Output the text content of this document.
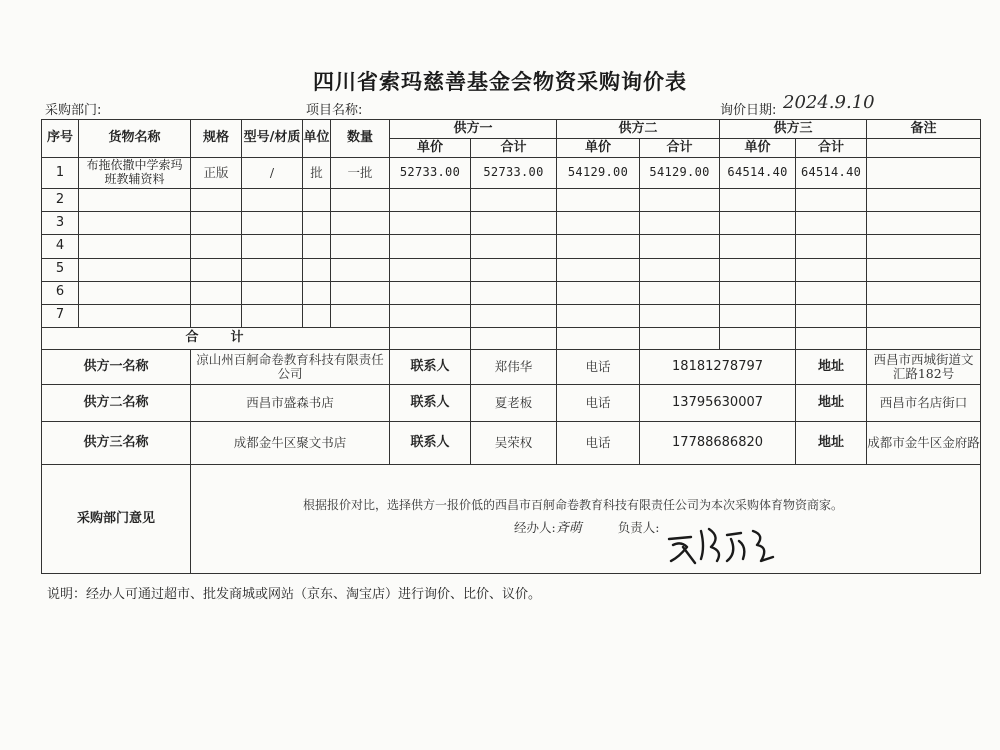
四川省索玛慈善基金会物资采购询价表
采购部门:	项目名称:	询价日期: 2024.9.10
序号	货物名称	规格	型号/材质	单位	数量	供方一		供方二		供方三		备注
						单价	合计	单价	合计	单价	合计	
1	布拖依撒中学索玛班教辅资料	正版	/	批	一批	52733.00	52733.00	54129.00	54129.00	64514.40	64514.40	
2												
3												
4												
5												
6												
7												
合　　计												
供方一名称		凉山州百舸命卷教育科技有限责任公司				联系人	郑伟华	电话	18181278797		地址	西昌市西城街道文汇路182号
供方二名称		西昌市盛森书店				联系人	夏老板	电话	13795630007		地址	西昌市名店街口
供方三名称		成都金牛区聚文书店				联系人	吴荣权	电话	17788686820		地址	成都市金牛区金府路
采购部门意见		根据报价对比，选择供方一报价低的西昌市百舸命卷教育科技有限责任公司为本次采购体育物资商家。
经办人:斉萌 负责人:										
说明：经办人可通过超市、批发商城或网站（京东、淘宝店）进行询价、比价、议价。
